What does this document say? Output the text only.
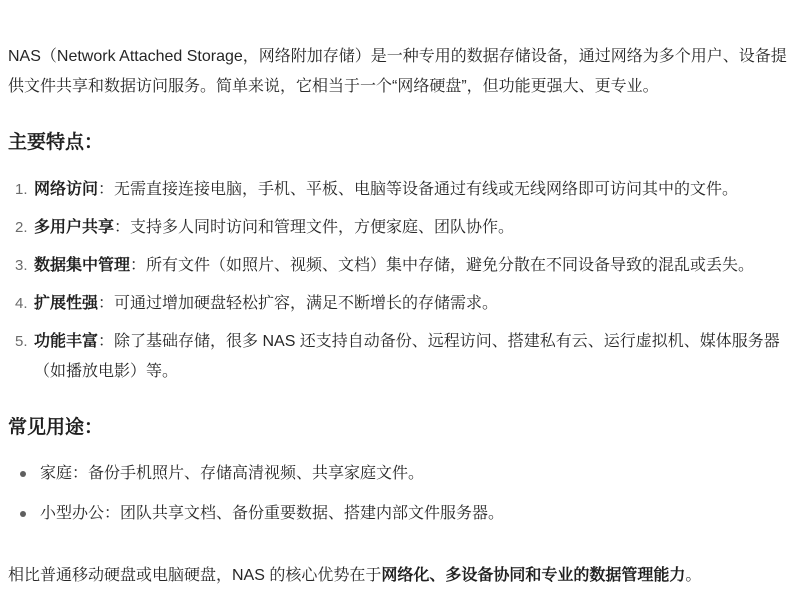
NAS（Network Attached Storage，网络附加存储）是一种专用的数据存储设备，通过网络为多个用户、设备提供文件共享和数据访问服务。简单来说，它相当于一个“网络硬盘”，但功能更强大、更专业。

主要特点：
1. 网络访问：无需直接连接电脑，手机、平板、电脑等设备通过有线或无线网络即可访问其中的文件。
2. 多用户共享：支持多人同时访问和管理文件，方便家庭、团队协作。
3. 数据集中管理：所有文件（如照片、视频、文档）集中存储，避免分散在不同设备导致的混乱或丢失。
4. 扩展性强：可通过增加硬盘轻松扩容，满足不断增长的存储需求。
5. 功能丰富：除了基础存储，很多 NAS 还支持自动备份、远程访问、搭建私有云、运行虚拟机、媒体服务器（如播放电影）等。
常见用途：
家庭：备份手机照片、存储高清视频、共享家庭文件。
小型办公：团队共享文档、备份重要数据、搭建内部文件服务器。

相比普通移动硬盘或电脑硬盘，NAS 的核心优势在于网络化、多设备协同和专业的数据管理能力。
